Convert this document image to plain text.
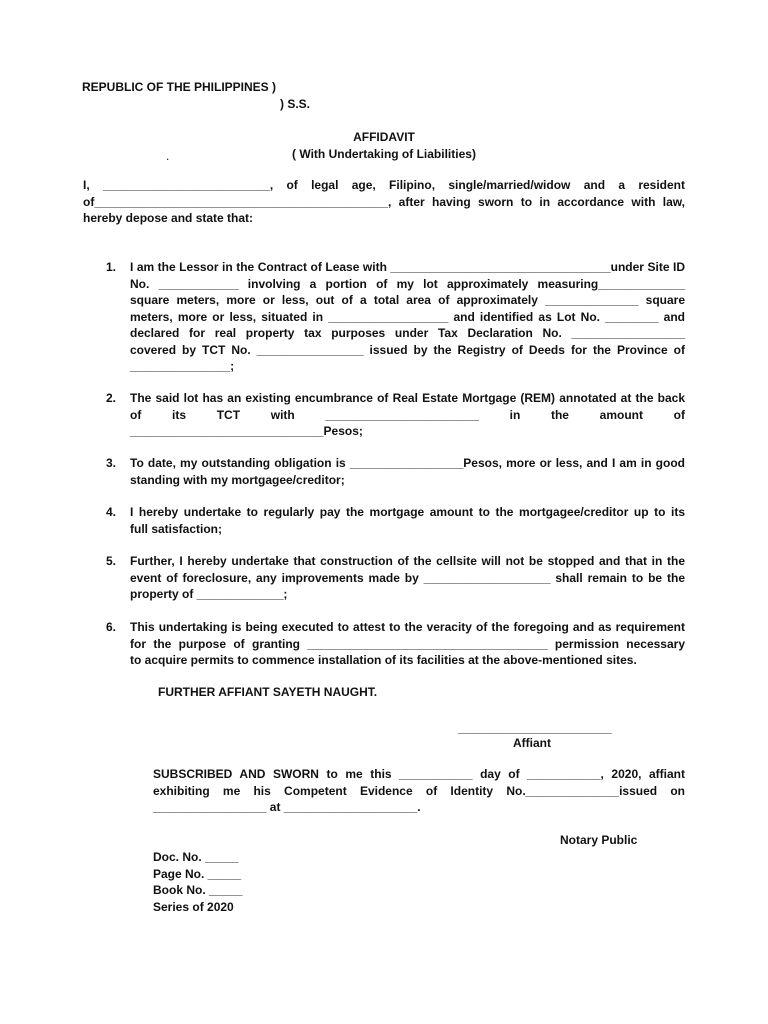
REPUBLIC OF THE PHILIPPINES )
) S.S.
AFFIDAVIT
( With Undertaking of Liabilities)
.
I, _________________________, of legal age, Filipino, single/married/widow and a resident
of____________________________________________, after having sworn to in accordance with law,
hereby depose and state that:
1.	I am the Lessor in the Contract of Lease with _________________________________under Site ID
No. ____________ involving a portion of my lot approximately measuring_____________
square meters, more or less, out of a total area of approximately ______________ square
meters, more or less, situated in __________________ and identified as Lot No. ________ and
declared for real property tax purposes under Tax Declaration No. _________________
covered by TCT No. ________________ issued by the Registry of Deeds for the Province of
_______________;
2.	The said lot has an existing encumbrance of Real Estate Mortgage (REM) annotated at the back
of its TCT with _______________________ in the amount of
_____________________________Pesos;
3.	To date, my outstanding obligation is _________________Pesos, more or less, and I am in good
standing with my mortgagee/creditor;
4.	I hereby undertake to regularly pay the mortgage amount to the mortgagee/creditor up to its
full satisfaction;
5.	Further, I hereby undertake that construction of the cellsite will not be stopped and that in the
event of foreclosure, any improvements made by ___________________ shall remain to be the
property of _____________;
6.	This undertaking is being executed to attest to the veracity of the foregoing and as requirement
for the purpose of granting ____________________________________ permission necessary
to acquire permits to commence installation of its facilities at the above-mentioned sites.
FURTHER AFFIANT SAYETH NAUGHT.
_______________________
Affiant
SUBSCRIBED AND SWORN to me this ___________ day of ___________, 2020, affiant
exhibiting me his Competent Evidence of Identity No.______________issued on
_________________ at ____________________.
Notary Public
Doc. No. _____
Page No. _____
Book No. _____
Series of 2020
